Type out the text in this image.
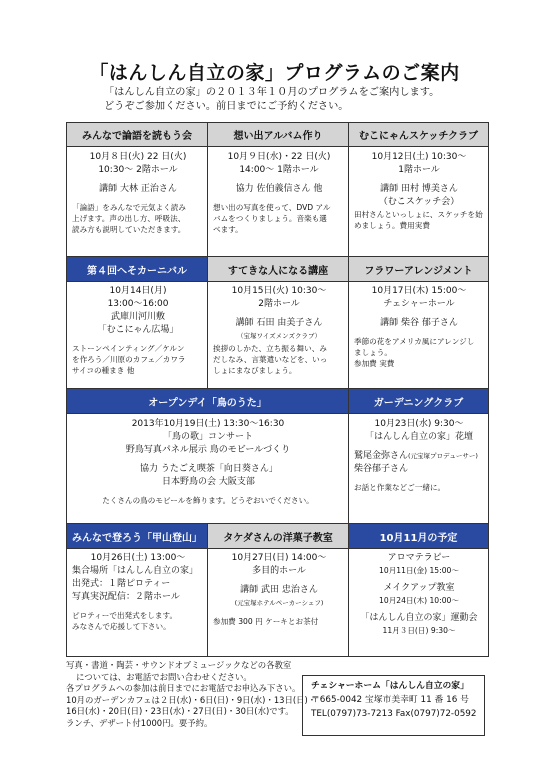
「はんしん自立の家」プログラムのご案内
「はんしん自立の家」の２０１３年１０月のプログラムをご案内します。
どうぞご参加ください。前日までにご予約ください。
みんなで論語を読もう会	想い出アルバム作り	むこにゃんスケッチクラブ
10月８日(火) 22 日(火)
10:30～ 2階ホール
講師 大林 正治さん
「論語」をみんなで元気よく読み
上げます。声の出し方、呼吸法、
読み方も説明していただきます。
10月９日(水)・22 日(火)
14:00～ 1階ホール
協力 佐伯義信さん 他
想い出の写真を使って、DVD アル
バムをつくりましょう。音楽も選
べます。
10月12日(土) 10:30～
1階ホール
講師 田村 博美さん
（むこスケッチ会）
田村さんといっしょに、スケッチを始
めましょう。費用実費
第４回へそカーニバル	すてきな人になる講座	フラワーアレンジメント
10月14日(月)
13:00～16:00
武庫川河川敷
「むこにゃん広場」
ストーンペインティング／ケルン
を作ろう／川原のカフェ／カワラ
サイコの種まき 他
10月15日(火) 10:30～
2階ホール
講師 石田 由美子さん
（宝塚ワイズメンズクラブ）
挨拶のしかた、立ち振る舞い、み
だしなみ、言葉遣いなどを、いっ
しょにまなびましょう。
10月17日(木) 15:00～
チェシャーホール
講師 柴谷 郁子さん
季節の花をアメリカ風にアレンジし
ましょう。
参加費 実費
オープンデイ「鳥のうた」	ガーデニングクラブ
2013年10月19日(土) 13:30～16:30
「鳥の歌」コンサート
野鳥写真パネル展示 鳥のモビールづくり
協力 うたごえ喫茶「向日葵さん」
日本野鳥の会 大阪支部
たくさんの鳥のモビールを飾ります。どうぞおいでください。
10月23日(水) 9:30～
「はんしん自立の家」花壇
鷲尾金弥さん(元宝塚プロデューサー)
柴谷郁子さん
お話と作業などご一緒に。
みんなで登ろう「甲山登山」	タケダさんの洋菓子教室	10月11月の予定
10月26日(土) 13:00～
集合場所「はんしん自立の家」
出発式：１階ピロティー
写真実況配信：２階ホール
ピロティーで出発式をします。
みなさんで応援して下さい。
10月27日(日) 14:00～
多目的ホール
講師 武田 忠治さん
(元宝塚ホテルペーカーシェフ)
参加費 300 円 ケーキとお茶付
アロマテラピー
10月11日(金) 15:00～
メイクアップ教室
10月24日(木) 10:00～
「はんしん自立の家」運動会
11月３日(日) 9:30～
写真・書道・陶芸・サウンドオブミュージックなどの各教室
については、お電話でお問い合わせください。
各プログラムへの参加は前日までにお電話でお申込み下さい。
10月のガーデンカフェは２日(水)・6日(日)・9日(水)・13日(日)・
16日(水)・20日(日)・23日(水)・27日(日)・30日(水)です。
ランチ、デザート付1000円。要予約。
チェシャーホーム「はんしん自立の家」
〒665-0042 宝塚市美幸町 11 番 16 号
TEL(0797)73-7213 Fax(0797)72-0592
